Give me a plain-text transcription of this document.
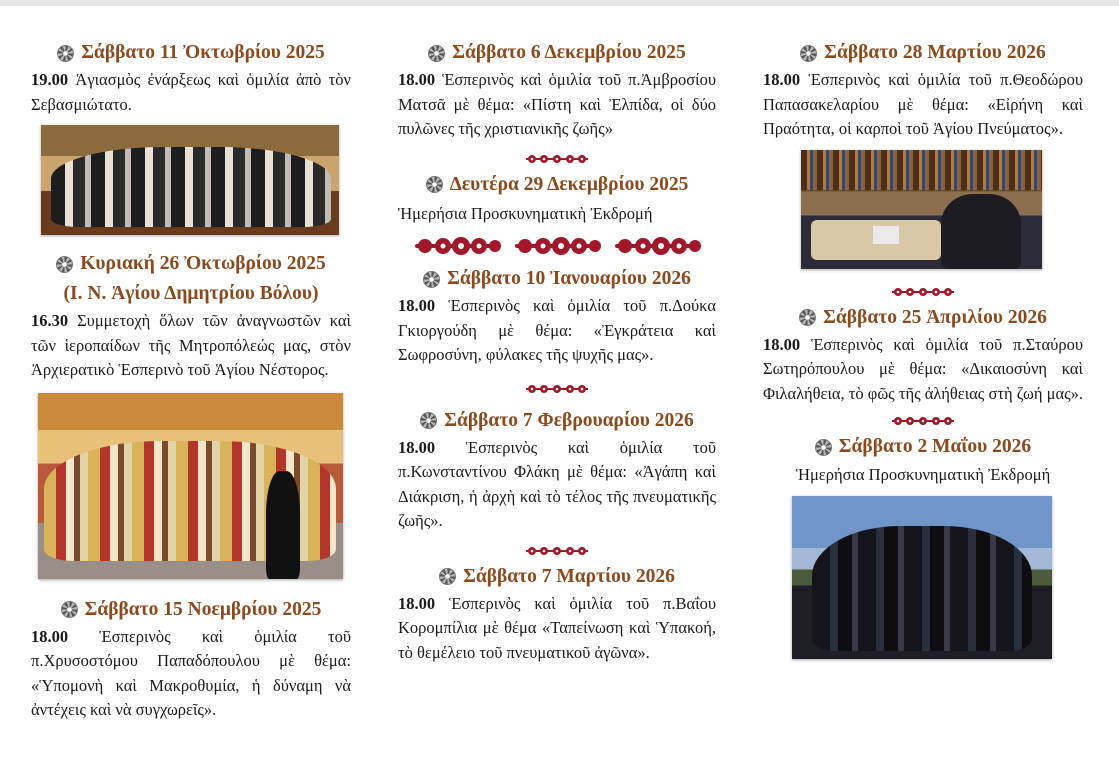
Σάββατο 11 Ὀκτωβρίου 2025
19.00 Ἁγιασμὸς ἐνάρξεως καὶ ὁμιλία ἀπὸ τὸν Σεβασμιώτατο.
Κυριακή 26 Ὀκτωβρίου 2025
(Ι. Ν. Ἁγίου Δημητρίου Βόλου)
16.30 Συμμετοχὴ ὅλων τῶν ἀναγνωστῶν καὶ τῶν ἱεροπαίδων τῆς Μητροπόλεώς μας, στὸν Ἀρχιερατικὸ Ἑσπερινὸ τοῦ Ἁγίου Νέστορος.
Σάββατο 15 Νοεμβρίου 2025
18.00 Ἑσπερινὸς καὶ ὁμιλία τοῦ π.Χρυσοστόμου Παπαδόπουλου μὲ θέμα: «Ὑπομονὴ καὶ Μακροθυμία, ἡ δύναμη νὰ ἀντέχεις καὶ νὰ συγχωρεῖς».
Σάββατο 6 Δεκεμβρίου 2025
18.00 Ἑσπερινὸς καὶ ὁμιλία τοῦ π.Ἀμβροσίου Ματσᾶ μὲ θέμα: «Πίστη καὶ Ἐλπίδα, οἱ δύο πυλῶνες τῆς χριστιανικῆς ζωῆς»
Δευτέρα 29 Δεκεμβρίου 2025
Ἡμερήσια Προσκυνηματικὴ Ἐκδρομή
Σάββατο 10 Ἰανουαρίου 2026
18.00 Ἑσπερινὸς καὶ ὁμιλία τοῦ π.Δούκα Γκιοργούδη μὲ θέμα: «Ἐγκράτεια καὶ Σωφροσύνη, φύλακες τῆς ψυχῆς μας».
Σάββατο 7 Φεβρουαρίου 2026
18.00 Ἑσπερινὸς καὶ ὁμιλία τοῦ π.Κωνσταντίνου Φλάκη μὲ θέμα: «Ἀγάπη καὶ Διάκριση, ἡ ἀρχὴ καὶ τὸ τέλος τῆς πνευματικῆς ζωῆς».
Σάββατο 7 Μαρτίου 2026
18.00 Ἑσπερινὸς καὶ ὁμιλία τοῦ π.Βαΐου Κορομπίλια μὲ θέμα «Ταπείνωση καὶ Ὑπακοή, τὸ θεμέλειο τοῦ πνευματικοῦ ἀγῶνα».
Σάββατο 28 Μαρτίου 2026
18.00 Ἑσπερινὸς καὶ ὁμιλία τοῦ π.Θεοδώρου Παπασακελαρίου μὲ θέμα: «Εἰρήνη καὶ Πραότητα, οἱ καρποὶ τοῦ Ἁγίου Πνεύματος».
Σάββατο 25 Ἀπριλίου 2026
18.00 Ἑσπερινὸς καὶ ὁμιλία τοῦ π.Σταύρου Σωτηρόπουλου μὲ θέμα: «Δικαιοσύνη καὶ Φιλαλήθεια, τὸ φῶς τῆς ἀλήθειας στὴ ζωή μας».
Σάββατο 2 Μαΐου 2026
Ἡμερήσια Προσκυνηματικὴ Ἐκδρομή
